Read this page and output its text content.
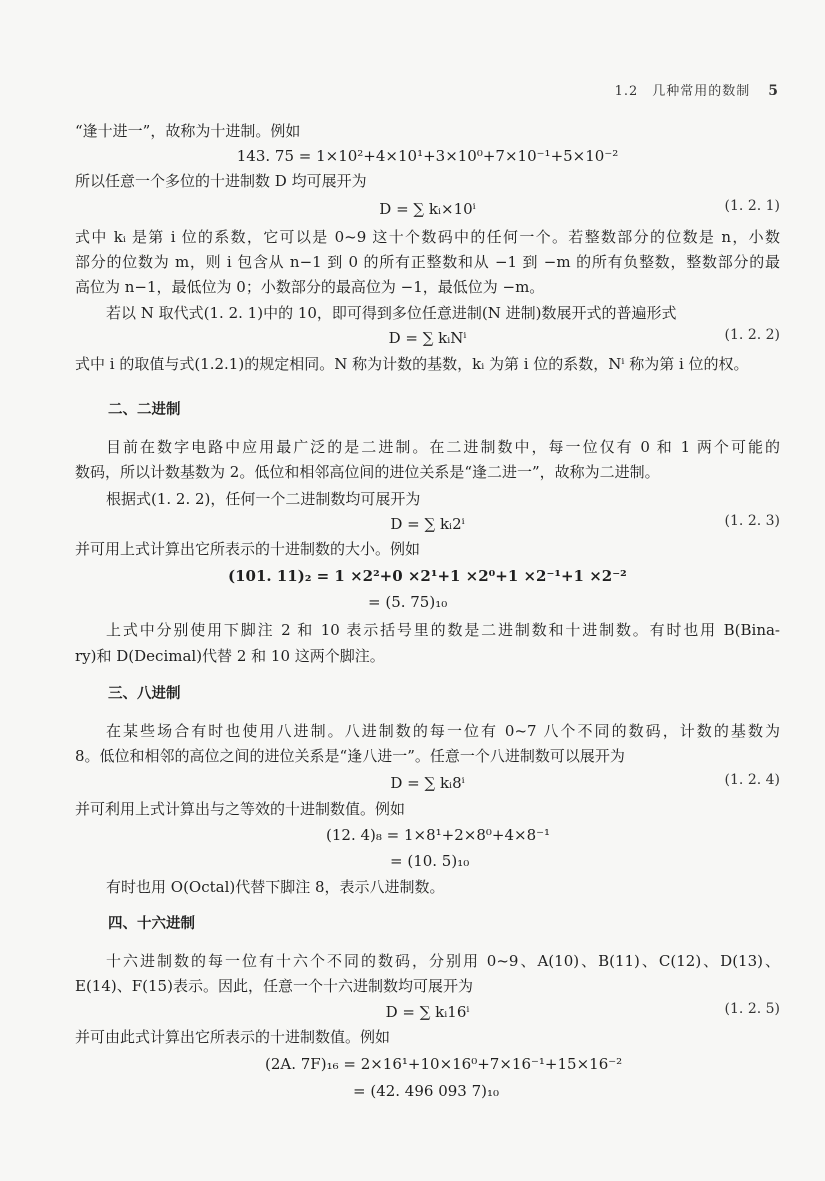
1.2　几种常用的数制 5
“逢十进一”，故称为十进制。例如
143. 75 = 1×10²+4×10¹+3×10⁰+7×10⁻¹+5×10⁻²
所以任意一个多位的十进制数 D 均可展开为
D = ∑ kᵢ×10ⁱ	(1. 2. 1)
式中 kᵢ 是第 i 位的系数，它可以是 0~9 这十个数码中的任何一个。若整数部分的位数是 n，小数
部分的位数为 m，则 i 包含从 n−1 到 0 的所有正整数和从 −1 到 −m 的所有负整数，整数部分的最
高位为 n−1，最低位为 0；小数部分的最高位为 −1，最低位为 −m。
若以 N 取代式(1. 2. 1)中的 10，即可得到多位任意进制(N 进制)数展开式的普遍形式
D = ∑ kᵢNⁱ	(1. 2. 2)
式中 i 的取值与式(1.2.1)的规定相同。N 称为计数的基数，kᵢ 为第 i 位的系数，Nⁱ 称为第 i 位的权。
二、二进制
目前在数字电路中应用最广泛的是二进制。在二进制数中，每一位仅有 0 和 1 两个可能的
数码，所以计数基数为 2。低位和相邻高位间的进位关系是“逢二进一”，故称为二进制。
根据式(1. 2. 2)，任何一个二进制数均可展开为
D = ∑ kᵢ2ⁱ	(1. 2. 3)
并可用上式计算出它所表示的十进制数的大小。例如
(101. 11)₂ = 1 ×2²+0 ×2¹+1 ×2⁰+1 ×2⁻¹+1 ×2⁻²
= (5. 75)₁₀
上式中分别使用下脚注 2 和 10 表示括号里的数是二进制数和十进制数。有时也用 B(Bina-
ry)和 D(Decimal)代替 2 和 10 这两个脚注。
三、八进制
在某些场合有时也使用八进制。八进制数的每一位有 0~7 八个不同的数码，计数的基数为
8。低位和相邻的高位之间的进位关系是“逢八进一”。任意一个八进制数可以展开为
D = ∑ kᵢ8ⁱ	(1. 2. 4)
并可利用上式计算出与之等效的十进制数值。例如
(12. 4)₈ = 1×8¹+2×8⁰+4×8⁻¹
= (10. 5)₁₀
有时也用 O(Octal)代替下脚注 8，表示八进制数。
四、十六进制
十六进制数的每一位有十六个不同的数码，分别用 0~9、A(10)、B(11)、C(12)、D(13)、
E(14)、F(15)表示。因此，任意一个十六进制数均可展开为
D = ∑ kᵢ16ⁱ	(1. 2. 5)
并可由此式计算出它所表示的十进制数值。例如
(2A. 7F)₁₆ = 2×16¹+10×16⁰+7×16⁻¹+15×16⁻²
= (42. 496 093 7)₁₀
